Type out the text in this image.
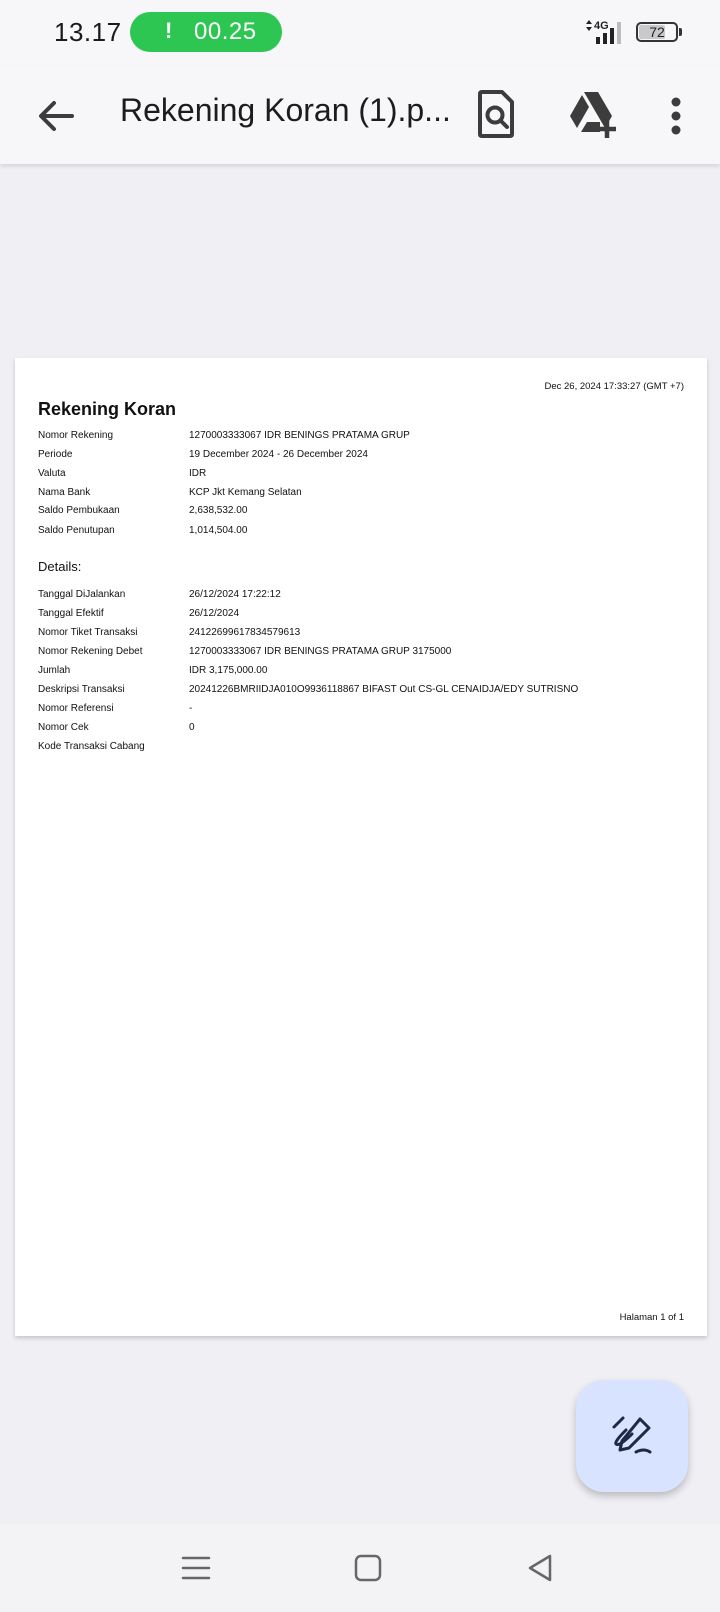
13.17 ! 00.25	4G	72
Rekening Koran (1).p...
Dec 26, 2024 17:33:27 (GMT +7)
Rekening Koran
Nomor Rekening	1270003333067 IDR BENINGS PRATAMA GRUP
Periode	19 December 2024 - 26 December 2024
Valuta	IDR
Nama Bank	KCP Jkt Kemang Selatan
Saldo Pembukaan	2,638,532.00
Saldo Penutupan	1,014,504.00
Details:
Tanggal DiJalankan	26/12/2024 17:22:12
Tanggal Efektif	26/12/2024
Nomor Tiket Transaksi	24122699617834579613
Nomor Rekening Debet	1270003333067 IDR BENINGS PRATAMA GRUP 3175000
Jumlah	IDR 3,175,000.00
Deskripsi Transaksi	20241226BMRIIDJA010O9936118867 BIFAST Out CS-GL CENAIDJA/EDY SUTRISNO
Nomor Referensi	-
Nomor Cek	0
Kode Transaksi Cabang
Halaman 1 of 1
